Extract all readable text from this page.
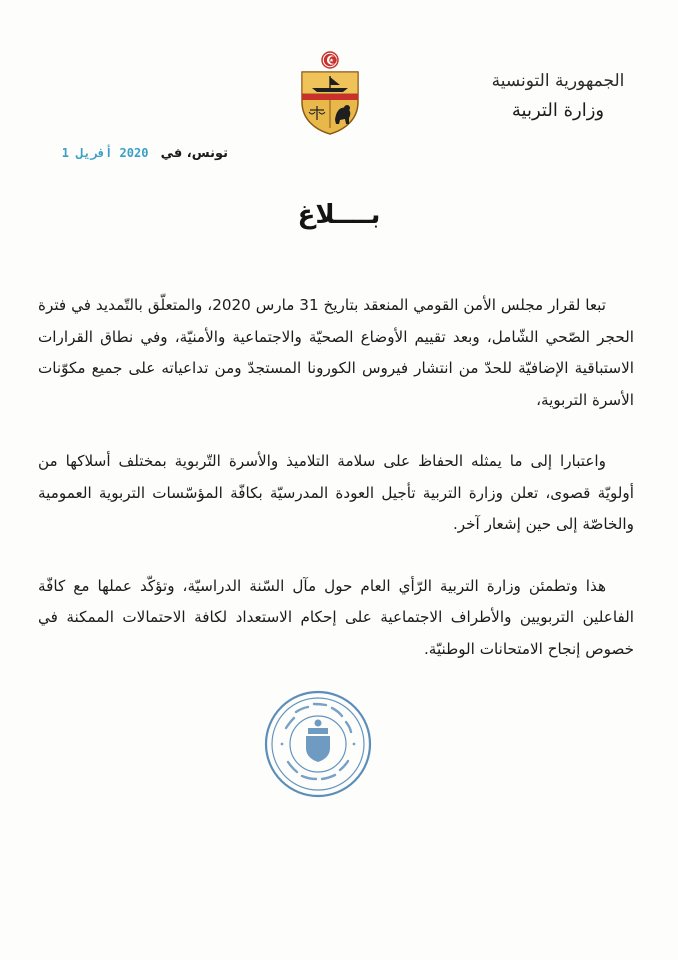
الجمهورية التونسية
وزارة التربية
تونس، في 2020 أفريل 1
بــــلاغ

تبعا لقرار مجلس الأمن القومي المنعقد بتاريخ 31 مارس 2020، والمتعلّق بالتّمديد في فترة الحجر الصّحي الشّامل، وبعد تقييم الأوضاع الصحيّة والاجتماعية والأمنيّة، وفي نطاق القرارات الاستباقية الإضافيّة للحدّ من انتشار فيروس الكورونا المستجدّ ومن تداعياته على جميع مكوّنات الأسرة التربوية،

واعتبارا إلى ما يمثله الحفاظ على سلامة التلاميذ والأسرة التّربوية بمختلف أسلاكها من أولويّة قصوى، تعلن وزارة التربية تأجيل العودة المدرسيّة بكافّة المؤسّسات التربوية العمومية والخاصّة إلى حين إشعار آخر.

هذا وتطمئن وزارة التربية الرّأي العام حول مآل السّنة الدراسيّة، وتؤكّد عملها مع كافّة الفاعلين التربويين والأطراف الاجتماعية على إحكام الاستعداد لكافة الاحتمالات الممكنة في خصوص إنجاح الامتحانات الوطنيّة.
